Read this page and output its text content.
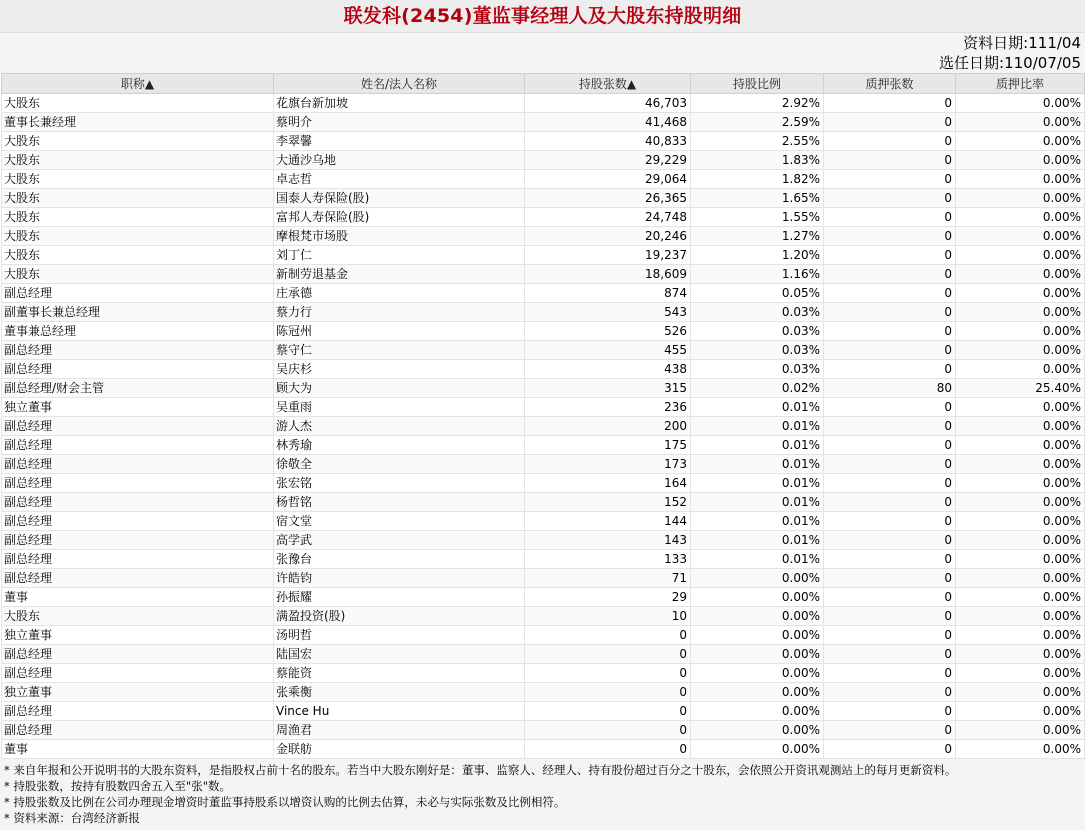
联发科(2454)董监事经理人及大股东持股明细
资料日期:111/04
选任日期:110/07/05
职称▲	姓名/法人名称	持股张数▲	持股比例	质押张数	质押比率
大股东	花旗台新加坡	46,703	2.92%	0	0.00%
董事长兼经理	蔡明介	41,468	2.59%	0	0.00%
大股东	李翠馨	40,833	2.55%	0	0.00%
大股东	大通沙乌地	29,229	1.83%	0	0.00%
大股东	卓志哲	29,064	1.82%	0	0.00%
大股东	国泰人寿保险(股)	26,365	1.65%	0	0.00%
大股东	富邦人寿保险(股)	24,748	1.55%	0	0.00%
大股东	摩根梵市场股	20,246	1.27%	0	0.00%
大股东	刘丁仁	19,237	1.20%	0	0.00%
大股东	新制劳退基金	18,609	1.16%	0	0.00%
副总经理	庄承德	874	0.05%	0	0.00%
副董事长兼总经理	蔡力行	543	0.03%	0	0.00%
董事兼总经理	陈冠州	526	0.03%	0	0.00%
副总经理	蔡守仁	455	0.03%	0	0.00%
副总经理	吴庆杉	438	0.03%	0	0.00%
副总经理/财会主管	顾大为	315	0.02%	80	25.40%
独立董事	吴重雨	236	0.01%	0	0.00%
副总经理	游人杰	200	0.01%	0	0.00%
副总经理	林秀瑜	175	0.01%	0	0.00%
副总经理	徐敬全	173	0.01%	0	0.00%
副总经理	张宏铭	164	0.01%	0	0.00%
副总经理	杨哲铭	152	0.01%	0	0.00%
副总经理	宿文堂	144	0.01%	0	0.00%
副总经理	高学武	143	0.01%	0	0.00%
副总经理	张豫台	133	0.01%	0	0.00%
副总经理	许皓钧	71	0.00%	0	0.00%
董事	孙振耀	29	0.00%	0	0.00%
大股东	满盈投资(股)	10	0.00%	0	0.00%
独立董事	汤明哲	0	0.00%	0	0.00%
副总经理	陆国宏	0	0.00%	0	0.00%
副总经理	蔡能资	0	0.00%	0	0.00%
独立董事	张乘衡	0	0.00%	0	0.00%
副总经理	Vince Hu	0	0.00%	0	0.00%
副总经理	周渔君	0	0.00%	0	0.00%
董事	金联舫	0	0.00%	0	0.00%
* 来自年报和公开说明书的大股东资料，是指股权占前十名的股东。若当中大股东刚好是：董事、监察人、经理人、持有股份超过百分之十股东，会依照公开资讯观测站上的每月更新资料。
* 持股张数，按持有股数四舍五入至"张"数。
* 持股张数及比例在公司办理现金增资时董监事持股系以增资认购的比例去估算，未必与实际张数及比例相符。
* 资料来源：台湾经济新报
